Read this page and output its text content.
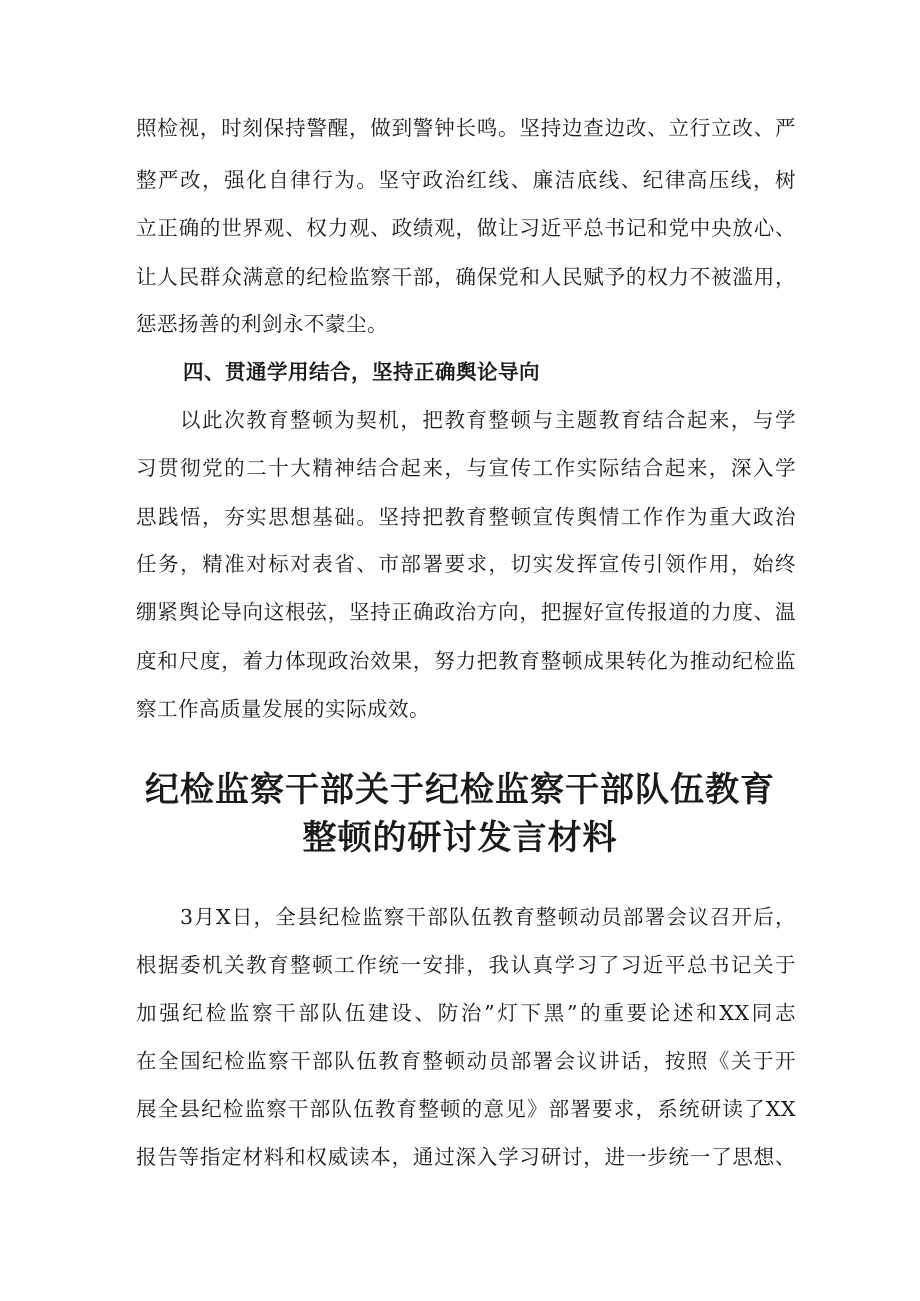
照检视，时刻保持警醒，做到警钟长鸣。坚持边查边改、立行立改、严

整严改，强化自律行为。坚守政治红线、廉洁底线、纪律高压线，树

立正确的世界观、权力观、政绩观，做让习近平总书记和党中央放心、

让人民群众满意的纪检监察干部，确保党和人民赋予的权力不被滥用，

惩恶扬善的利剑永不蒙尘。

四、贯通学用结合，坚持正确舆论导向

以此次教育整顿为契机，把教育整顿与主题教育结合起来，与学

习贯彻党的二十大精神结合起来，与宣传工作实际结合起来，深入学

思践悟，夯实思想基础。坚持把教育整顿宣传舆情工作作为重大政治

任务，精准对标对表省、市部署要求，切实发挥宣传引领作用，始终

绷紧舆论导向这根弦，坚持正确政治方向，把握好宣传报道的力度、温

度和尺度，着力体现政治效果，努力把教育整顿成果转化为推动纪检监

察工作高质量发展的实际成效。

纪检监察干部关于纪检监察干部队伍教育
整顿的研讨发言材料

3月X日，全县纪检监察干部队伍教育整顿动员部署会议召开后，

根据委机关教育整顿工作统一安排，我认真学习了习近平总书记关于

加强纪检监察干部队伍建设、防治”灯下黑”的重要论述和XX同志

在全国纪检监察干部队伍教育整顿动员部署会议讲话，按照《关于开

展全县纪检监察干部队伍教育整顿的意见》部署要求，系统研读了XX

报告等指定材料和权威读本，通过深入学习研讨，进一步统一了思想、
